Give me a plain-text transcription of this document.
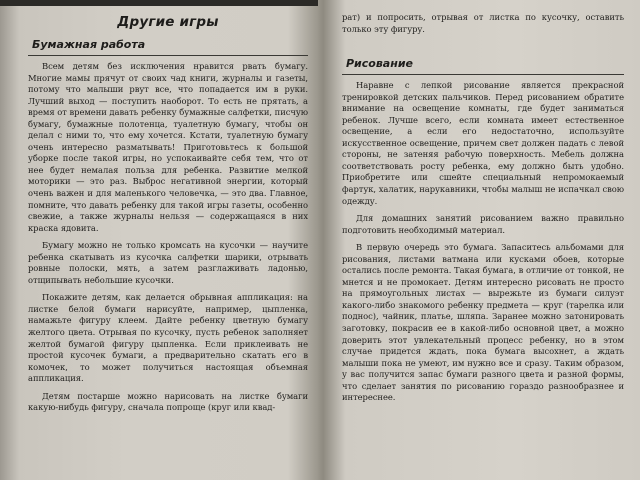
Другие игры
Бумажная работа

Всем детям без исключения нравится рвать бумагу. Многие мамы прячут от своих чад книги, журналы и газеты, потому что малыши рвут все, что попадается им в руки. Лучший выход — поступить наоборот. То есть не прятать, а время от времени давать ребенку бумажные салфетки, писчую бумагу, бумажные полотенца, туалетную бумагу, чтобы он делал с ними то, что ему хочется. Кстати, туалетную бумагу очень интересно разматывать! Приготовьтесь к большой уборке после такой игры, но успокаивайте себя тем, что от нее будет немалая польза для ребенка. Развитие мелкой моторики — это раз. Выброс негативной энергии, который очень важен и для маленького человечка, — это два. Главное, помните, что давать ребенку для такой игры газеты, особенно свежие, а также журналы нельзя — содержащаяся в них краска ядовита.

Бумагу можно не только кромсать на кусочки — научите ребенка скатывать из кусочка салфетки шарики, отрывать ровные полоски, мять, а затем разглаживать ладонью, отщипывать небольшие кусочки.

Покажите детям, как делается обрывная аппликация: на листке белой бумаги нарисуйте, например, цыпленка, намажьте фигуру клеем. Дайте ребенку цветную бумагу желтого цвета. Отрывая по кусочку, пусть ребенок заполняет желтой бумагой фигуру цыпленка. Если приклеивать не простой кусочек бумаги, а предварительно скатать его в комочек, то может получиться настоящая объемная аппликация.

Детям постарше можно нарисовать на листке бумаги какую-нибудь фигуру, сначала попроще (круг или квад-

рат) и попросить, отрывая от листка по кусочку, оставить только эту фигуру.

Рисование

Наравне с лепкой рисование является прекрасной тренировкой детских пальчиков. Перед рисованием обратите внимание на освещение комнаты, где будет заниматься ребенок. Лучше всего, если комната имеет естественное освещение, а если его недостаточно, используйте искусственное освещение, причем свет должен падать с левой стороны, не затеняя рабочую поверхность. Мебель должна соответствовать росту ребенка, ему должно быть удобно. Приобретите или сшейте специальный непромокаемый фартук, халатик, нарукавники, чтобы малыш не испачкал свою одежду.

Для домашних занятий рисованием важно правильно подготовить необходимый материал.

В первую очередь это бумага. Запаситесь альбомами для рисования, листами ватмана или кусками обоев, которые остались после ремонта. Такая бумага, в отличие от тонкой, не мнется и не промокает. Детям интересно рисовать не просто на прямоугольных листах — вырежьте из бумаги силуэт какого-либо знакомого ребенку предмета — круг (тарелка или поднос), чайник, платье, шляпа. Заранее можно затонировать заготовку, покрасив ее в какой-либо основной цвет, а можно доверить этот увлекательный процесс ребенку, но в этом случае придется ждать, пока бумага высохнет, а ждать малыши пока не умеют, им нужно все и сразу. Таким образом, у вас получится запас бумаги разного цвета и разной формы, что сделает занятия по рисованию гораздо разнообразнее и интереснее.
